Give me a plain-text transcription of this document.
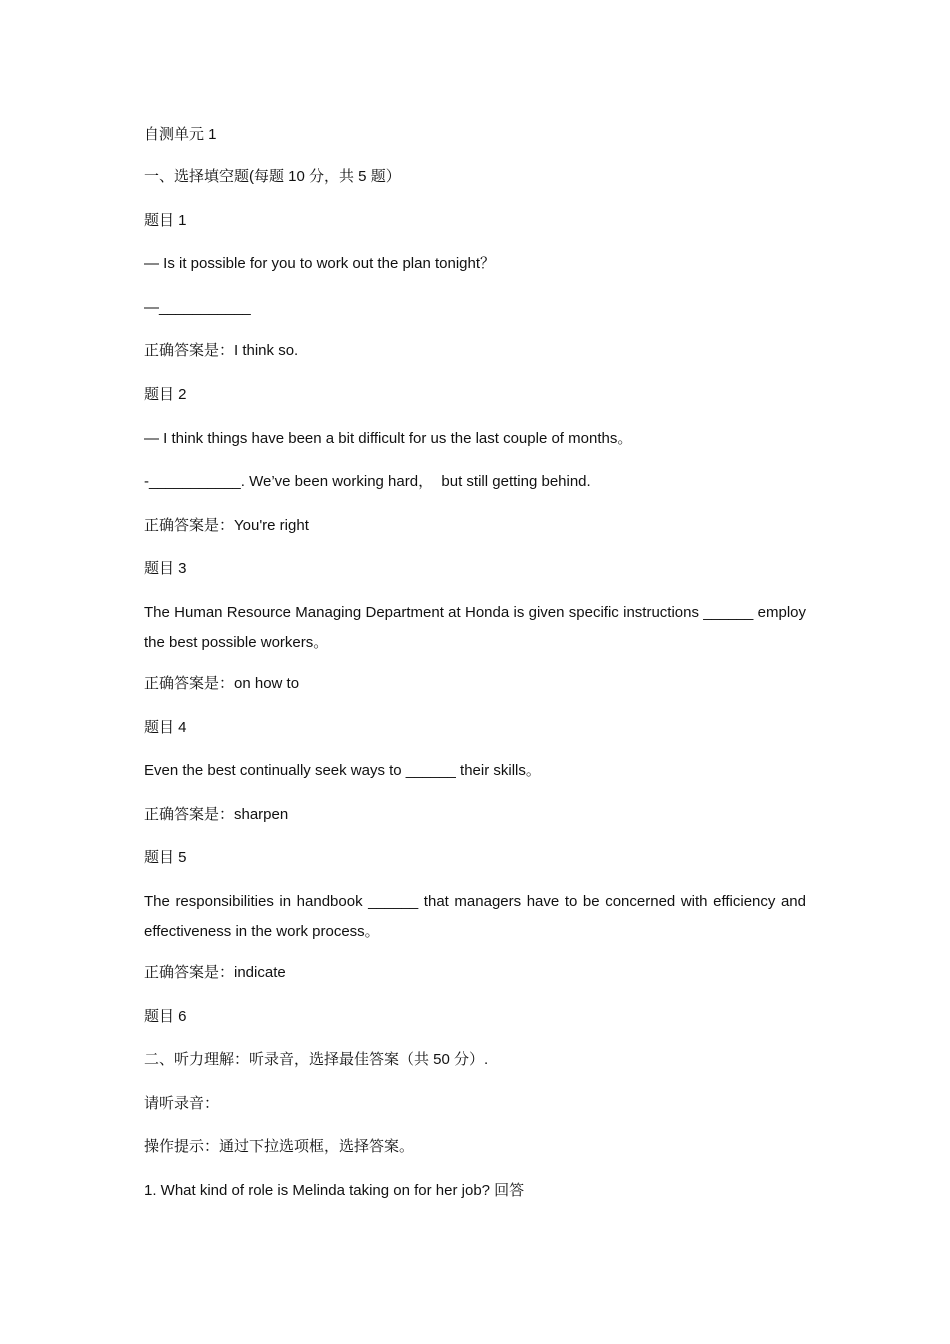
自测单元 1

一、选择填空题(每题 10 分，共 5 题）

题目 1

— Is it possible for you to work out the plan tonight？

—___________

正确答案是：I think so.

题目 2

— I think things have been a bit difficult for us the last couple of months。

-___________. We’ve been working hard，  but still getting behind.

正确答案是：You're right

题目 3

The Human Resource Managing Department at Honda is given specific instructions ______ employ the best possible workers。

正确答案是：on how to

题目 4

Even the best continually seek ways to ______ their skills。

正确答案是：sharpen

题目 5

The responsibilities in handbook ______ that managers have to be concerned with efficiency and effectiveness in the work process。

正确答案是：indicate

题目 6

二、听力理解：听录音，选择最佳答案（共 50 分）.

请听录音：

操作提示：通过下拉选项框，选择答案。

1. What kind of role is Melinda taking on for her job? 回答
